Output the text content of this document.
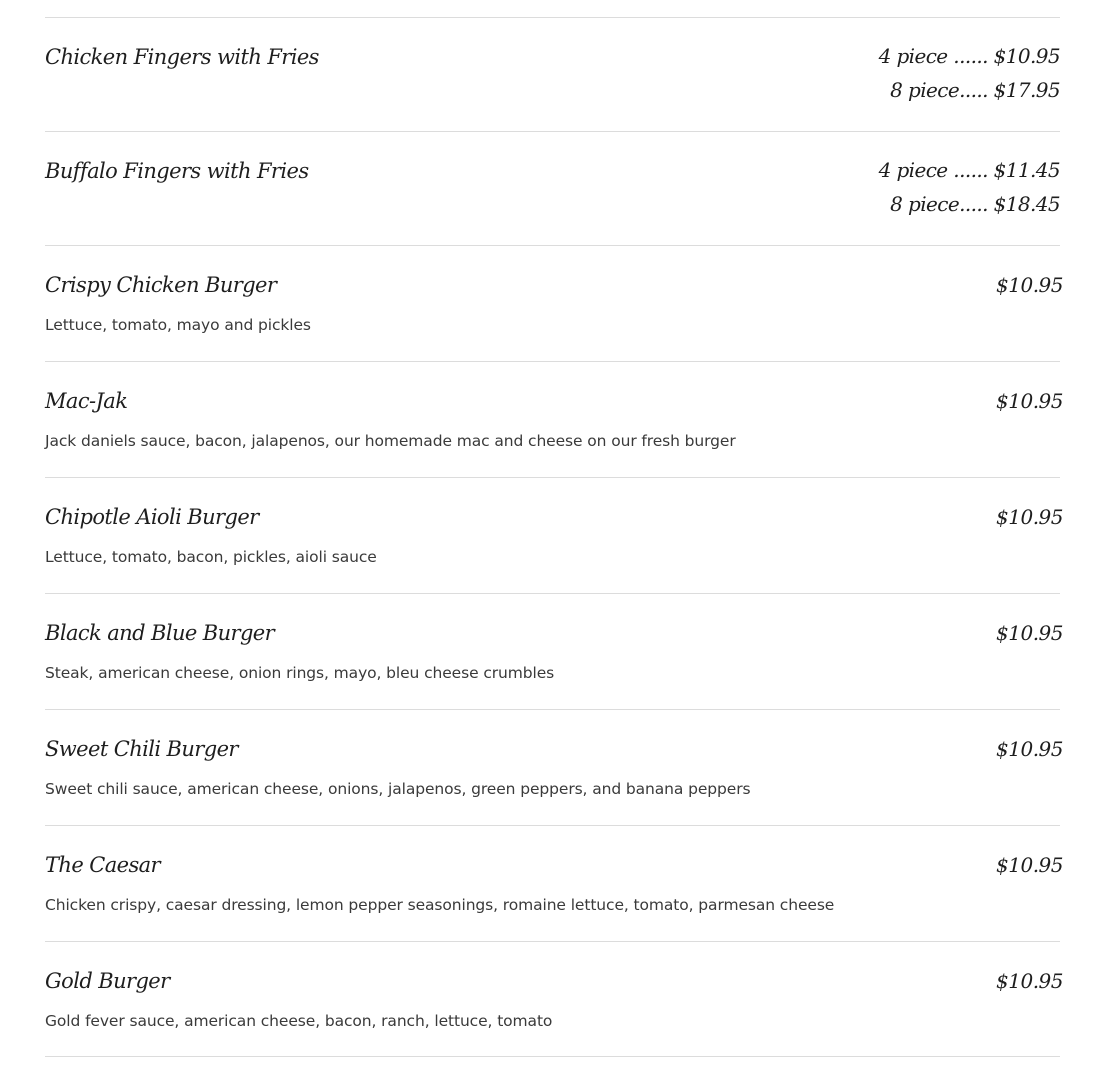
Chicken Fingers with Fries	4 piece ...... $10.95
8 piece..... $17.95
Buffalo Fingers with Fries	4 piece ...... $11.45
8 piece..... $18.45
Crispy Chicken Burger

Lettuce, tomato, mayo and pickles

$10.95
Mac-Jak

Jack daniels sauce, bacon, jalapenos, our homemade mac and cheese on our fresh burger

$10.95
Chipotle Aioli Burger

Lettuce, tomato, bacon, pickles, aioli sauce

$10.95
Black and Blue Burger

Steak, american cheese, onion rings, mayo, bleu cheese crumbles

$10.95
Sweet Chili Burger

Sweet chili sauce, american cheese, onions, jalapenos, green peppers, and banana peppers

$10.95
The Caesar

Chicken crispy, caesar dressing, lemon pepper seasonings, romaine lettuce, tomato, parmesan cheese

$10.95
Gold Burger

Gold fever sauce, american cheese, bacon, ranch, lettuce, tomato

$10.95
